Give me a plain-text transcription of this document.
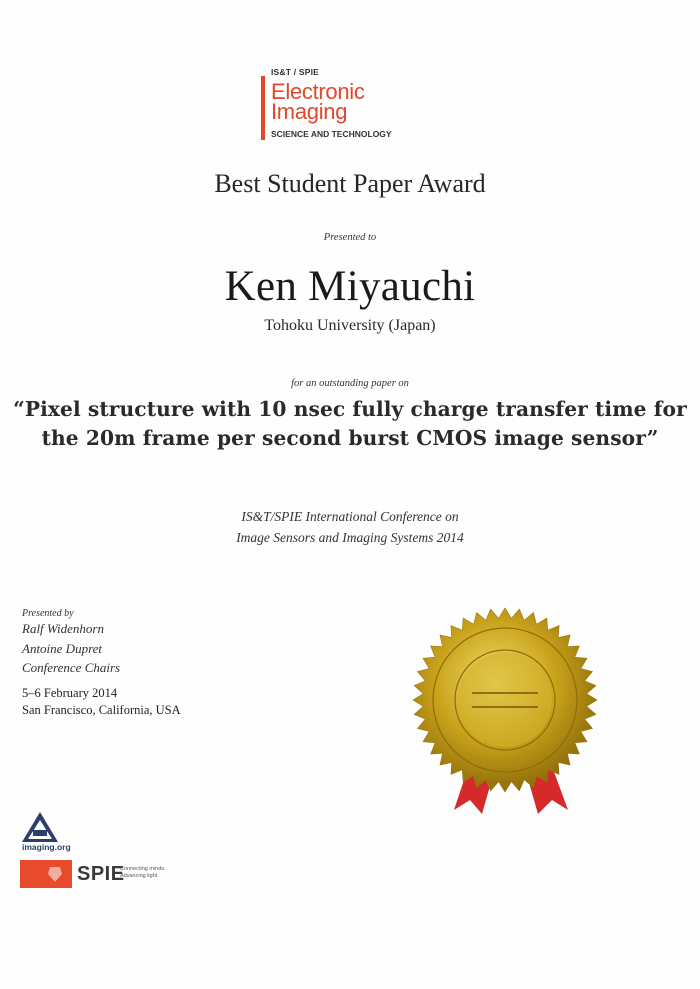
IS&T / SPIE
Electronic
Imaging
SCIENCE AND TECHNOLOGY
Best Student Paper Award
Presented to
Ken Miyauchi
Tohoku University (Japan)
for an outstanding paper on
“Pixel structure with 10 nsec fully charge transfer time for
the 20m frame per second burst CMOS image sensor”
IS&T/SPIE International Conference on
Image Sensors and Imaging Systems 2014
Presented by
Ralf Widenhorn
Antoine Dupret
Conference Chairs
5–6 February 2014
San Francisco, California, USA
imaging.org
SPIE
Connecting minds.
Advancing light.
